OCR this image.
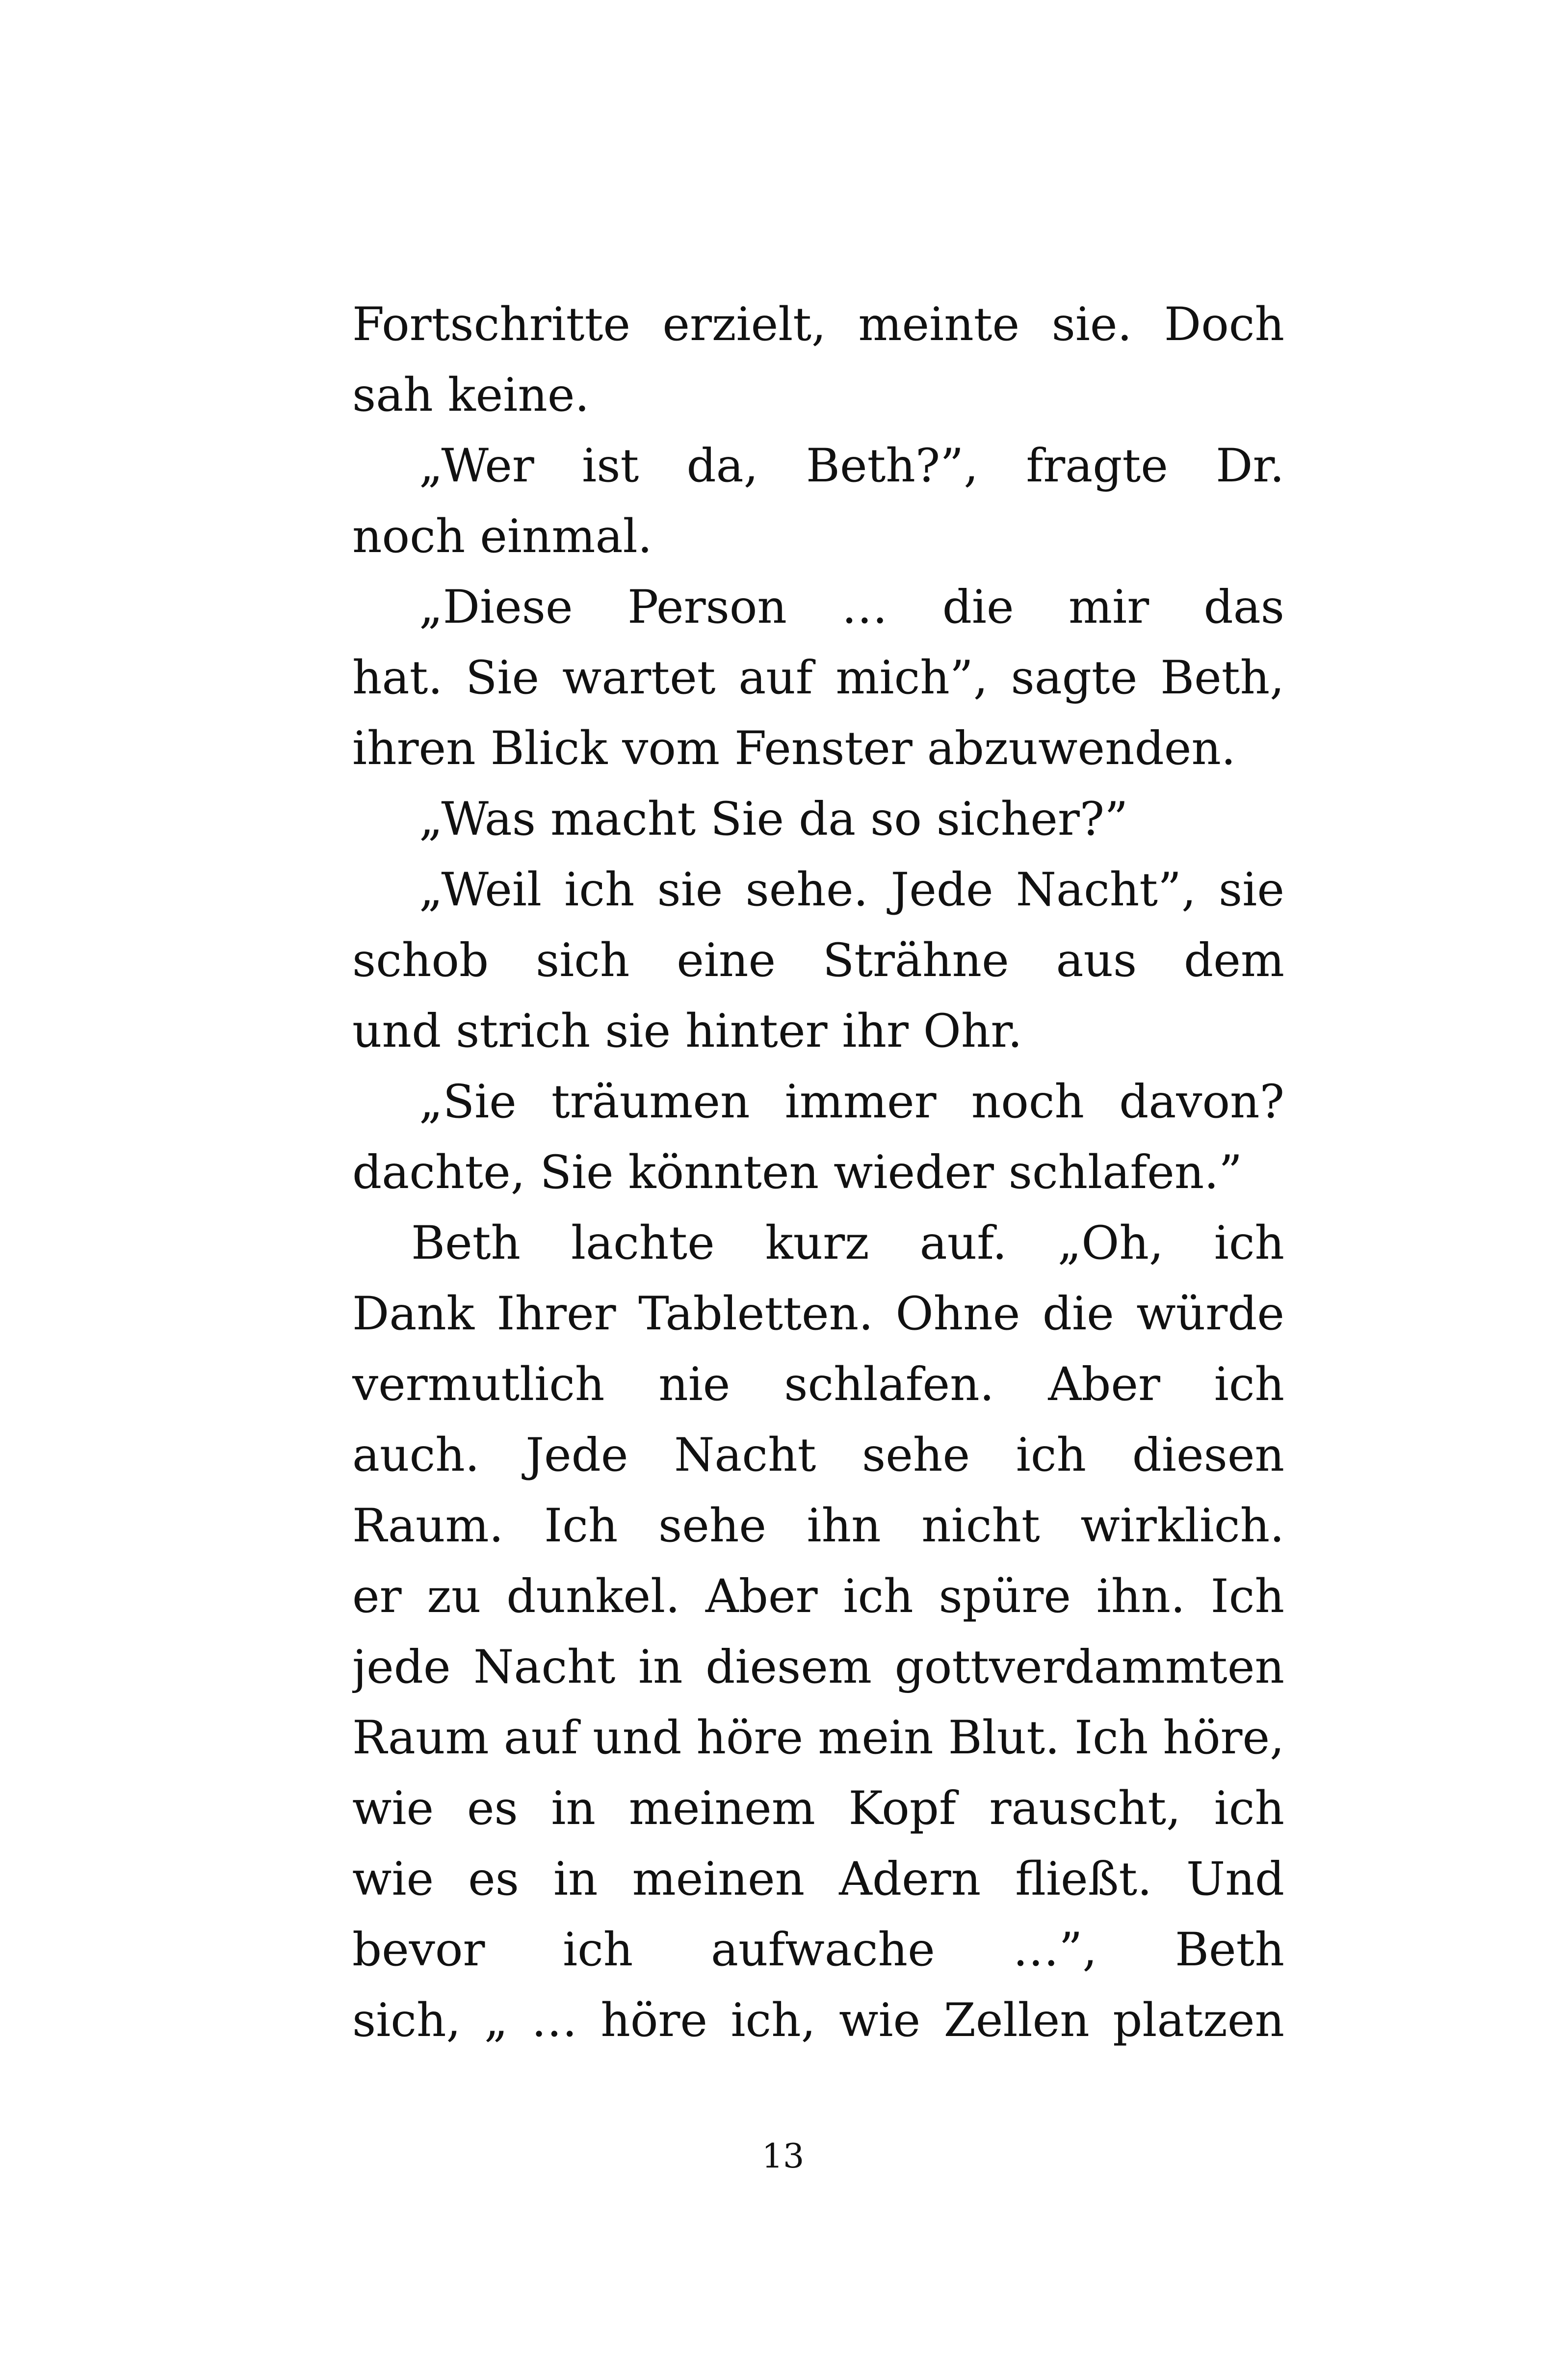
Fortschritte erzielt, meinte sie. Doch
sah keine.
„Wer ist da, Beth?”, fragte Dr.
noch einmal.
„Diese Person … die mir das
hat. Sie wartet auf mich”, sagte Beth,
ihren Blick vom Fenster abzuwenden.
„Was macht Sie da so sicher?”
„Weil ich sie sehe. Jede Nacht”, sie
schob sich eine Strähne aus dem
und strich sie hinter ihr Ohr.
„Sie träumen immer noch davon?
dachte, Sie könnten wieder schlafen.”
Beth lachte kurz auf. „Oh, ich
Dank Ihrer Tabletten. Ohne die würde
vermutlich nie schlafen. Aber ich
auch. Jede Nacht sehe ich diesen
Raum. Ich sehe ihn nicht wirklich.
er zu dunkel. Aber ich spüre ihn. Ich
jede Nacht in diesem gottverdammten
Raum auf und höre mein Blut. Ich höre,
wie es in meinem Kopf rauscht, ich
wie es in meinen Adern fließt. Und
bevor ich aufwache …”, Beth
sich, „ … höre ich, wie Zellen platzen
13
